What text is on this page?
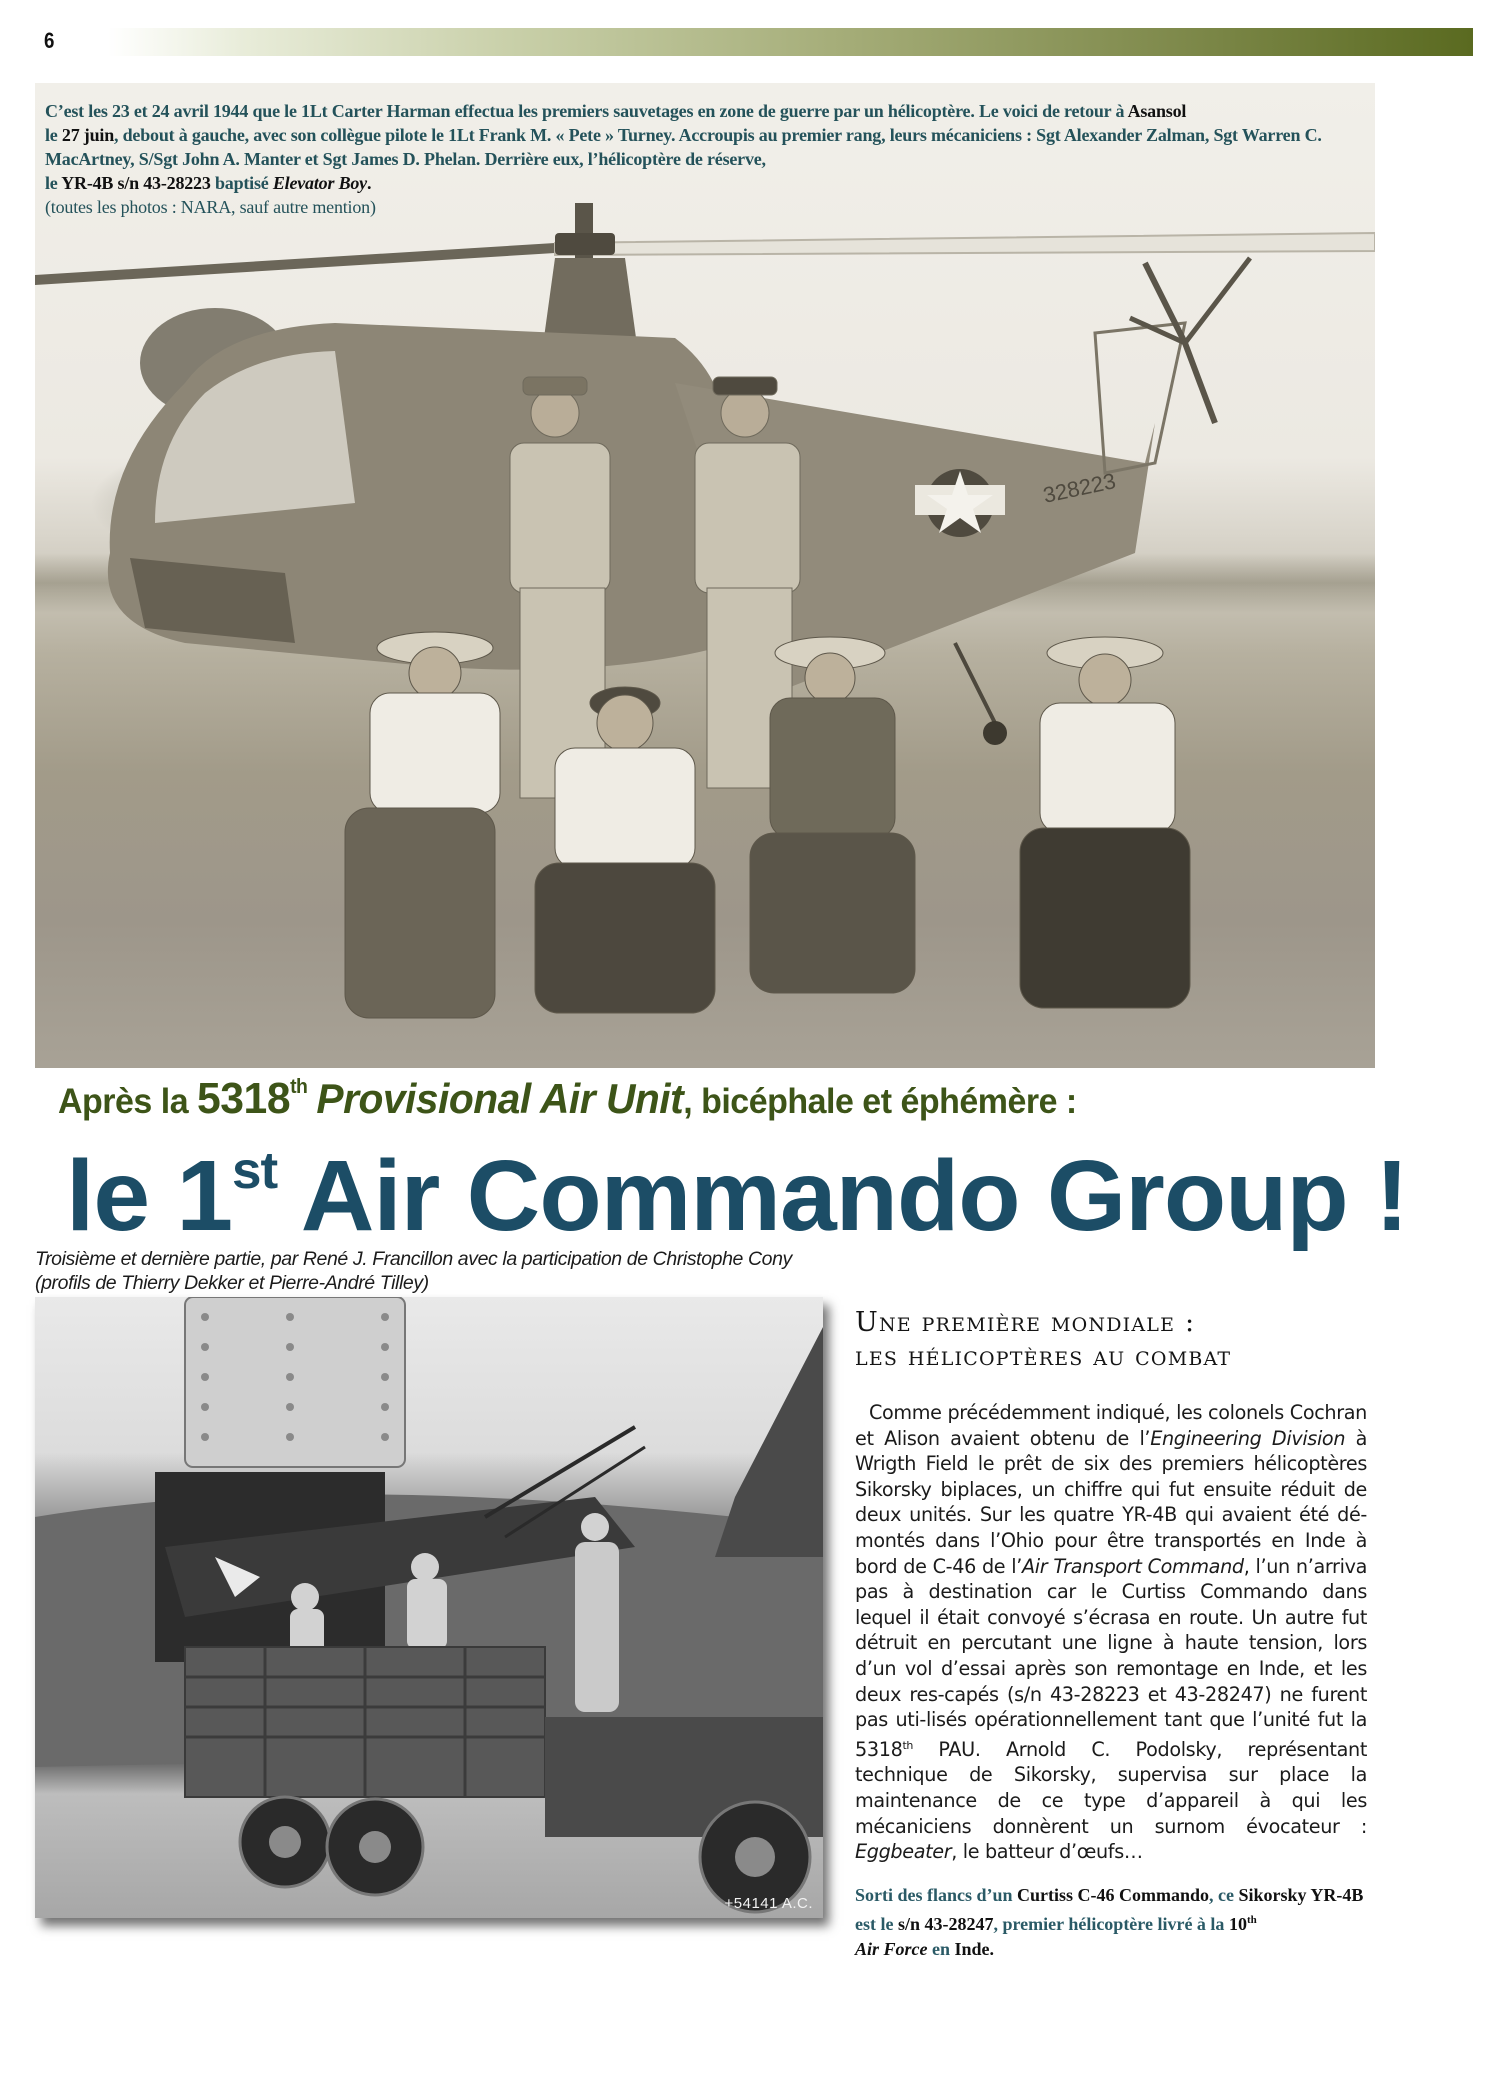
6
328223
C’est les 23 et 24 avril 1944 que le 1Lt Carter Harman effectua les premiers sauvetages en zone de guerre par un hélicoptère. Le voici de retour à Asansol
le 27 juin, debout à gauche, avec son collègue pilote le 1Lt Frank M. « Pete » Turney. Accroupis au premier rang, leurs mécaniciens : Sgt Alexander Zalman, Sgt Warren C. MacArtney, S/Sgt John A. Manter et Sgt James D. Phelan. Derrière eux, l’hélicoptère de réserve,
le YR-4B s/n 43-28223 baptisé Elevator Boy.
(toutes les photos : NARA, sauf autre mention)
Après la 5318th Provisional Air Unit, bicéphale et éphémère :
le 1st Air Commando Group !
Troisième et dernière partie, par René J. Francillon avec la participation de Christophe Cony
(profils de Thierry Dekker et Pierre-André Tilley)
+54141 A.C.
Une première mondiale :
les hélicoptères au combat
Comme précédemment indiqué, les colonels Cochran et Alison avaient obtenu de l’Engineering Division à Wrigth Field le prêt de six des premiers hélicoptères Sikorsky biplaces, un chiffre qui fut ensuite réduit de deux unités. Sur les quatre YR-4B qui avaient été dé-montés dans l’Ohio pour être transportés en Inde à bord de C-46 de l’Air Transport Command, l’un n’arriva pas à destination car le Curtiss Commando dans lequel il était convoyé s’écrasa en route. Un autre fut détruit en percutant une ligne à haute tension, lors d’un vol d’essai après son remontage en Inde, et les deux res-capés (s/n 43-28223 et 43-28247) ne furent pas uti-lisés opérationnellement tant que l’unité fut la 5318th PAU. Arnold C. Podolsky, représentant technique de Sikorsky, supervisa sur place la maintenance de ce type d’appareil à qui les mécaniciens donnèrent un surnom évocateur : Eggbeater, le batteur d’œufs…
Sorti des flancs d’un Curtiss C-46 Commando, ce Sikorsky YR-4B est le s/n 43-28247, premier hélicoptère livré à la 10th
Air Force en Inde.
